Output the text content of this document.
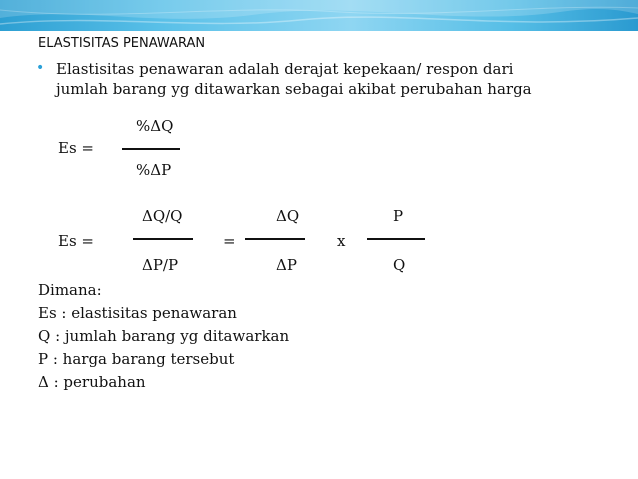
ELASTISITAS PENAWARAN
• Elastisitas penawaran adalah derajat kepekaan/ respon dari
jumlah barang yg ditawarkan sebagai akibat perubahan harga
%ΔQ
Es =
%ΔP
ΔQ/Q	ΔQ	P
Es =	=	x
ΔP/P	ΔP	Q
Dimana:
Es : elastisitas penawaran
Q : jumlah barang yg ditawarkan
P : harga barang tersebut
Δ : perubahan
